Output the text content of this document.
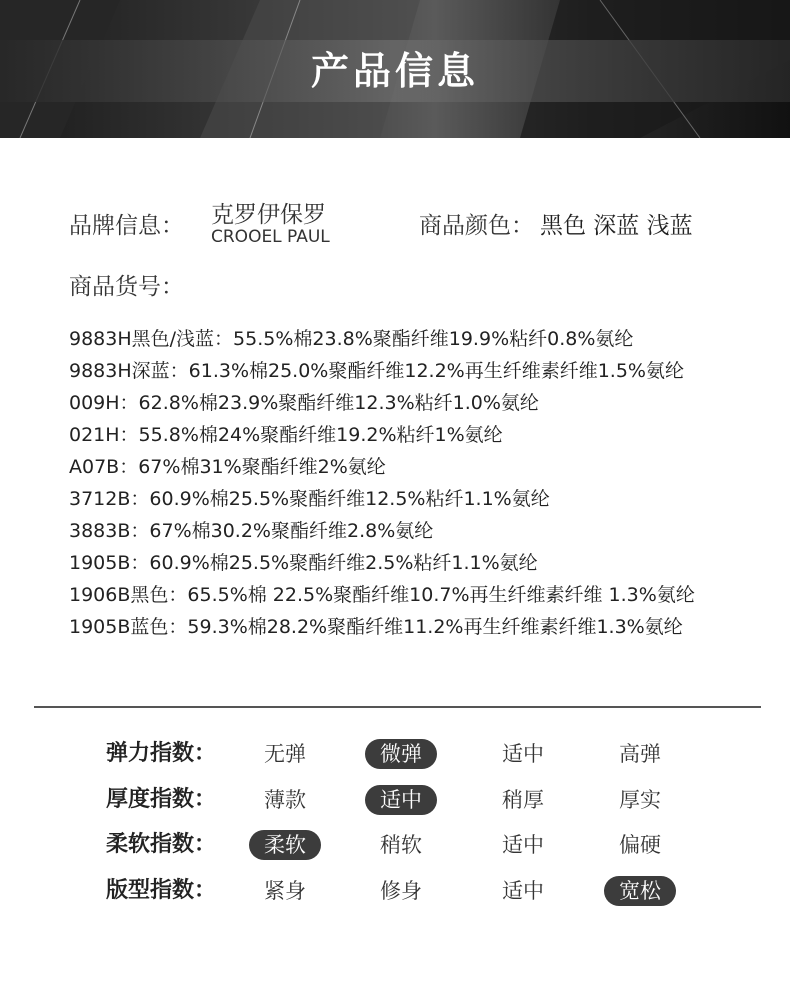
产品信息
品牌信息： 克罗伊保罗
CROOEL PAUL	商品颜色： 黑色 深蓝 浅蓝
商品货号：
9883H黑色/浅蓝：55.5%棉23.8%聚酯纤维19.9%粘纤0.8%氨纶
9883H深蓝：61.3%棉25.0%聚酯纤维12.2%再生纤维素纤维1.5%氨纶
009H：62.8%棉23.9%聚酯纤维12.3%粘纤1.0%氨纶
021H：55.8%棉24%聚酯纤维19.2%粘纤1%氨纶
A07B：67%棉31%聚酯纤维2%氨纶
3712B：60.9%棉25.5%聚酯纤维12.5%粘纤1.1%氨纶
3883B：67%棉30.2%聚酯纤维2.8%氨纶
1905B：60.9%棉25.5%聚酯纤维2.5%粘纤1.1%氨纶
1906B黑色：65.5%棉 22.5%聚酯纤维10.7%再生纤维素纤维 1.3%氨纶
1905B蓝色：59.3%棉28.2%聚酯纤维11.2%再生纤维素纤维1.3%氨纶
弹力指数：	无弹	微弹	适中	高弹
厚度指数：	薄款	适中	稍厚	厚实
柔软指数：	柔软	稍软	适中	偏硬
版型指数：	紧身	修身	适中	宽松
